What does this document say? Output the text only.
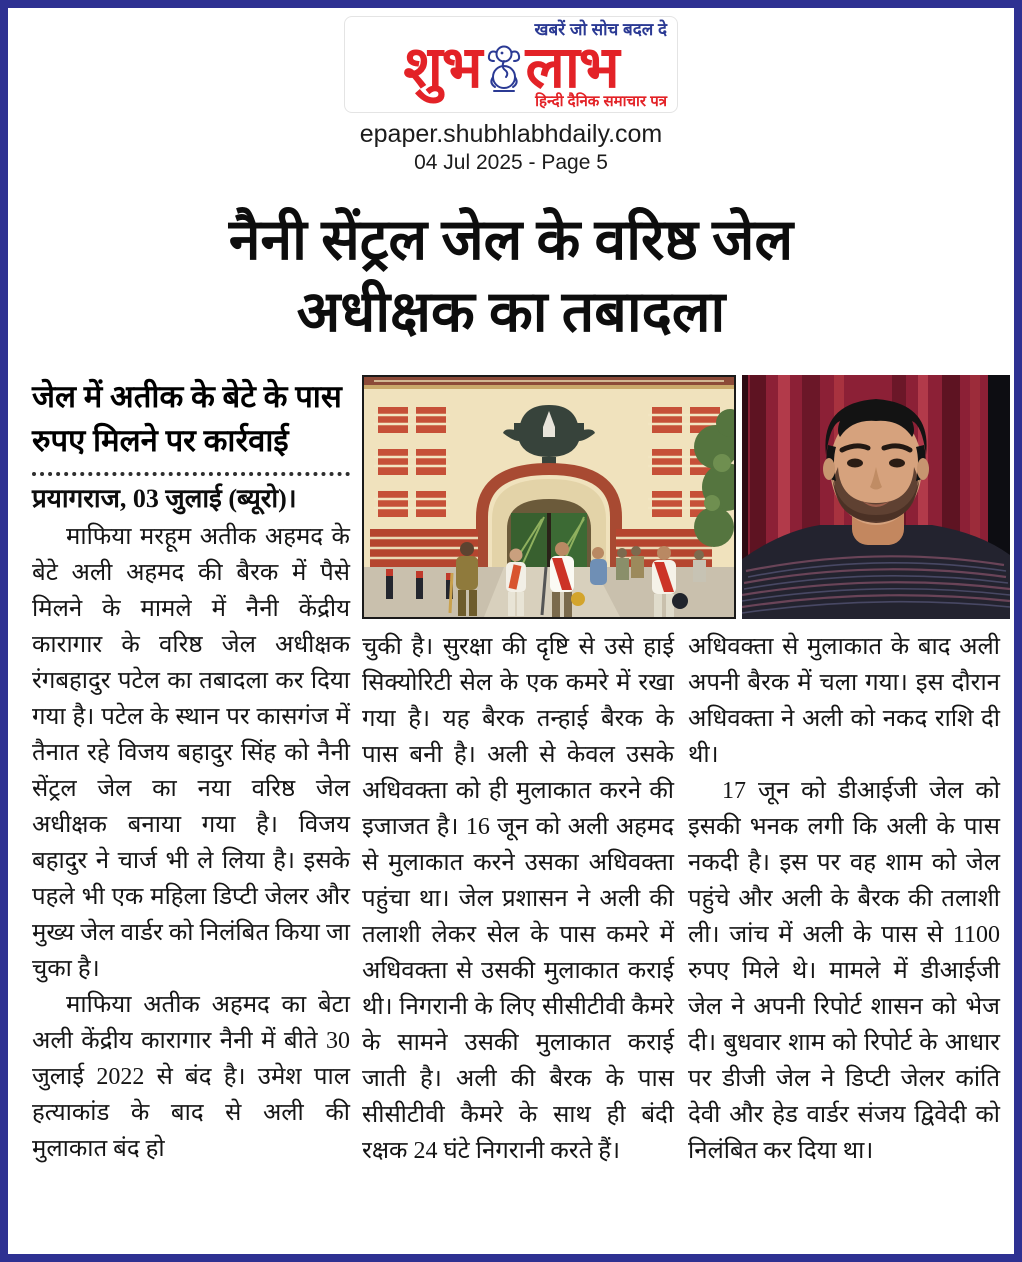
खबरें जो सोच बदल दे
शुभ लाभ
हिन्दी दैनिक समाचार पत्र
epaper.shubhlabhdaily.com
04 Jul 2025 - Page 5
नैनी सेंट्रल जेल के वरिष्ठ जेल
अधीक्षक का तबादला
जेल में अतीक के बेटे के पास रुपए मिलने पर कार्रवाई
प्रयागराज, 03 जुलाई (ब्यूरो)।
माफिया मरहूम अतीक अहमद के बेटे अली अहमद की बैरक में पैसे मिलने के मामले में नैनी केंद्रीय कारागार के वरिष्ठ जेल अधीक्षक रंगबहादुर पटेल का तबादला कर दिया गया है। पटेल के स्थान पर कासगंज में तैनात रहे विजय बहादुर सिंह को नैनी सेंट्रल जेल का नया वरिष्ठ जेल अधीक्षक बनाया गया है। विजय बहादुर ने चार्ज भी ले लिया है। इसके पहले भी एक महिला डिप्टी जेलर और मुख्य जेल वार्डर को निलंबित किया जा चुका है।
माफिया अतीक अहमद का बेटा अली केंद्रीय कारागार नैनी में बीते 30 जुलाई 2022 से बंद है। उमेश पाल हत्याकांड के बाद से अली की मुलाकात बंद हो
चुकी है। सुरक्षा की दृष्टि से उसे हाई सिक्योरिटी सेल के एक कमरे में रखा गया है। यह बैरक तन्हाई बैरक के पास बनी है। अली से केवल उसके अधिवक्ता को ही मुलाकात करने की इजाजत है। 16 जून को अली अहमद से मुलाकात करने उसका अधिवक्ता पहुंचा था। जेल प्रशासन ने अली की तलाशी लेकर सेल के पास कमरे में अधिवक्ता से उसकी मुलाकात कराई थी। निगरानी के लिए सीसीटीवी कैमरे के सामने उसकी मुलाकात कराई जाती है। अली की बैरक के पास सीसीटीवी कैमरे के साथ ही बंदी रक्षक 24 घंटे निगरानी करते हैं।
अधिवक्ता से मुलाकात के बाद अली अपनी बैरक में चला गया। इस दौरान अधिवक्ता ने अली को नकद राशि दी थी।
17 जून को डीआईजी जेल को इसकी भनक लगी कि अली के पास नकदी है। इस पर वह शाम को जेल पहुंचे और अली के बैरक की तलाशी ली। जांच में अली के पास से 1100 रुपए मिले थे। मामले में डीआईजी जेल ने अपनी रिपोर्ट शासन को भेज दी। बुधवार शाम को रिपोर्ट के आधार पर डीजी जेल ने डिप्टी जेलर कांति देवी और हेड वार्डर संजय द्विवेदी को निलंबित कर दिया था।
